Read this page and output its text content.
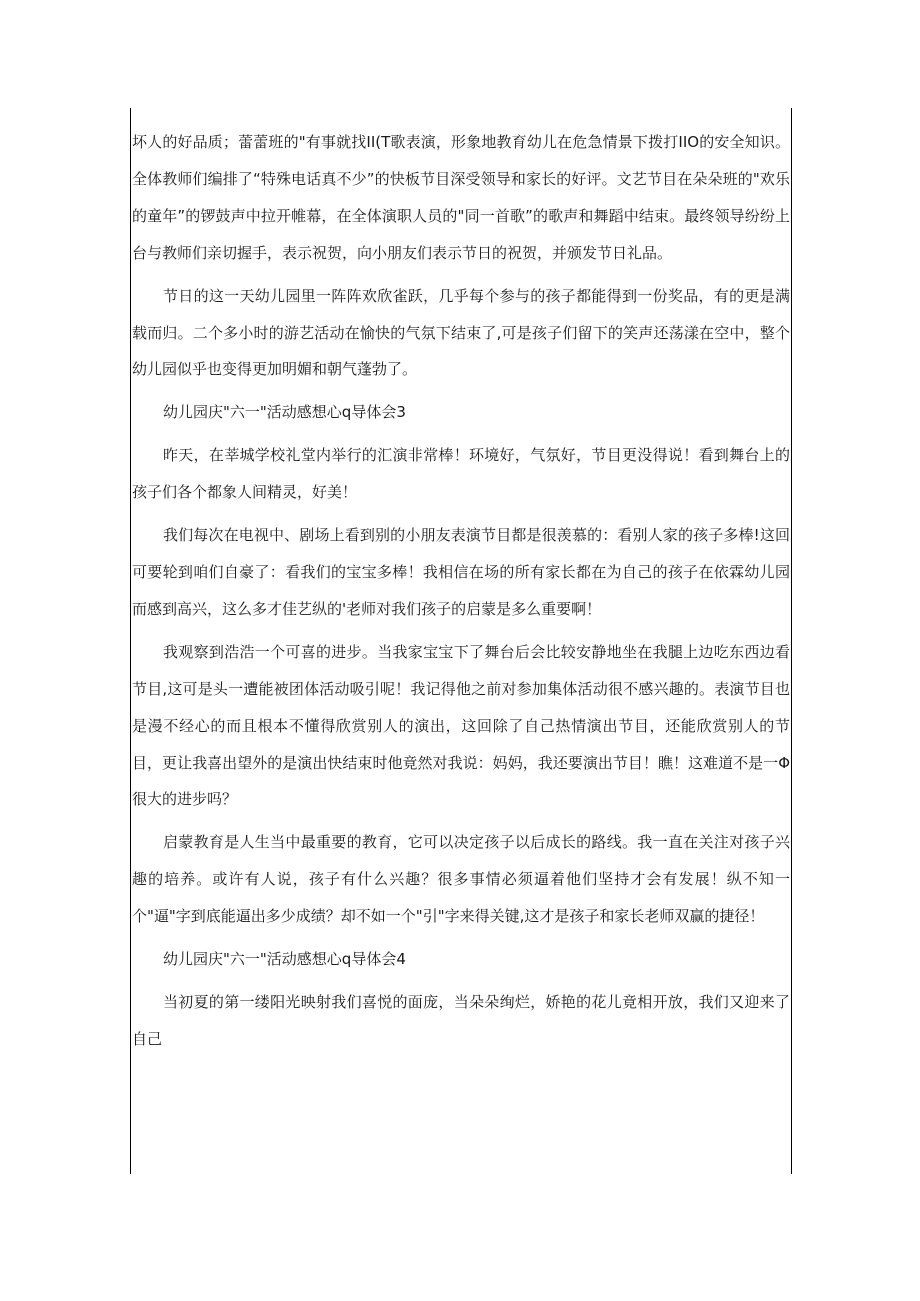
坏人的好品质；蕾蕾班的"有事就找II(T歌表演，形象地教育幼儿在危急情景下拨打IIO的安全知识。全体教师们编排了“特殊电话真不少”的快板节目深受领导和家长的好评。文艺节目在朵朵班的"欢乐的童年”的锣鼓声中拉开帷幕，在全体演职人员的"同一首歌”的歌声和舞蹈中结束。最终领导纷纷上台与教师们亲切握手，表示祝贺，向小朋友们表示节日的祝贺，并颁发节日礼品。

节日的这一天幼儿园里一阵阵欢欣雀跃，几乎每个参与的孩子都能得到一份奖品，有的更是满载而归。二个多小时的游艺活动在愉快的气氛下结束了,可是孩子们留下的笑声还荡漾在空中，整个幼儿园似乎也变得更加明媚和朝气蓬勃了。

幼儿园庆"六一"活动感想心q导体会3

昨天，在莘城学校礼堂内举行的汇演非常棒！环境好，气氛好，节目更没得说！看到舞台上的孩子们各个都象人间精灵，好美！

我们每次在电视中、剧场上看到别的小朋友表演节目都是很羡慕的：看别人家的孩子多棒!这回可要轮到咱们自豪了：看我们的宝宝多棒！我相信在场的所有家长都在为自己的孩子在依霖幼儿园而感到高兴，这么多才佳艺纵的'老师对我们孩子的启蒙是多么重要啊！

我观察到浩浩一个可喜的进步。当我家宝宝下了舞台后会比较安静地坐在我腿上边吃东西边看节目,这可是头一遭能被团体活动吸引呢！我记得他之前对参加集体活动很不感兴趣的。表演节目也是漫不经心的而且根本不懂得欣赏别人的演出，这回除了自己热情演出节目，还能欣赏别人的节目，更让我喜出望外的是演出快结束时他竟然对我说：妈妈，我还要演出节目！瞧！这难道不是一Φ很大的进步吗？

启蒙教育是人生当中最重要的教育，它可以决定孩子以后成长的路线。我一直在关注对孩子兴趣的培养。或许有人说，孩子有什么兴趣？很多事情必须逼着他们坚持才会有发展！纵不知一个"逼"字到底能逼出多少成绩？却不如一个"引"字来得关键,这才是孩子和家长老师双赢的捷径！

幼儿园庆"六一"活动感想心q导体会4

当初夏的第一缕阳光映射我们喜悦的面庞，当朵朵绚烂，娇艳的花儿竟相开放，我们又迎来了自己
